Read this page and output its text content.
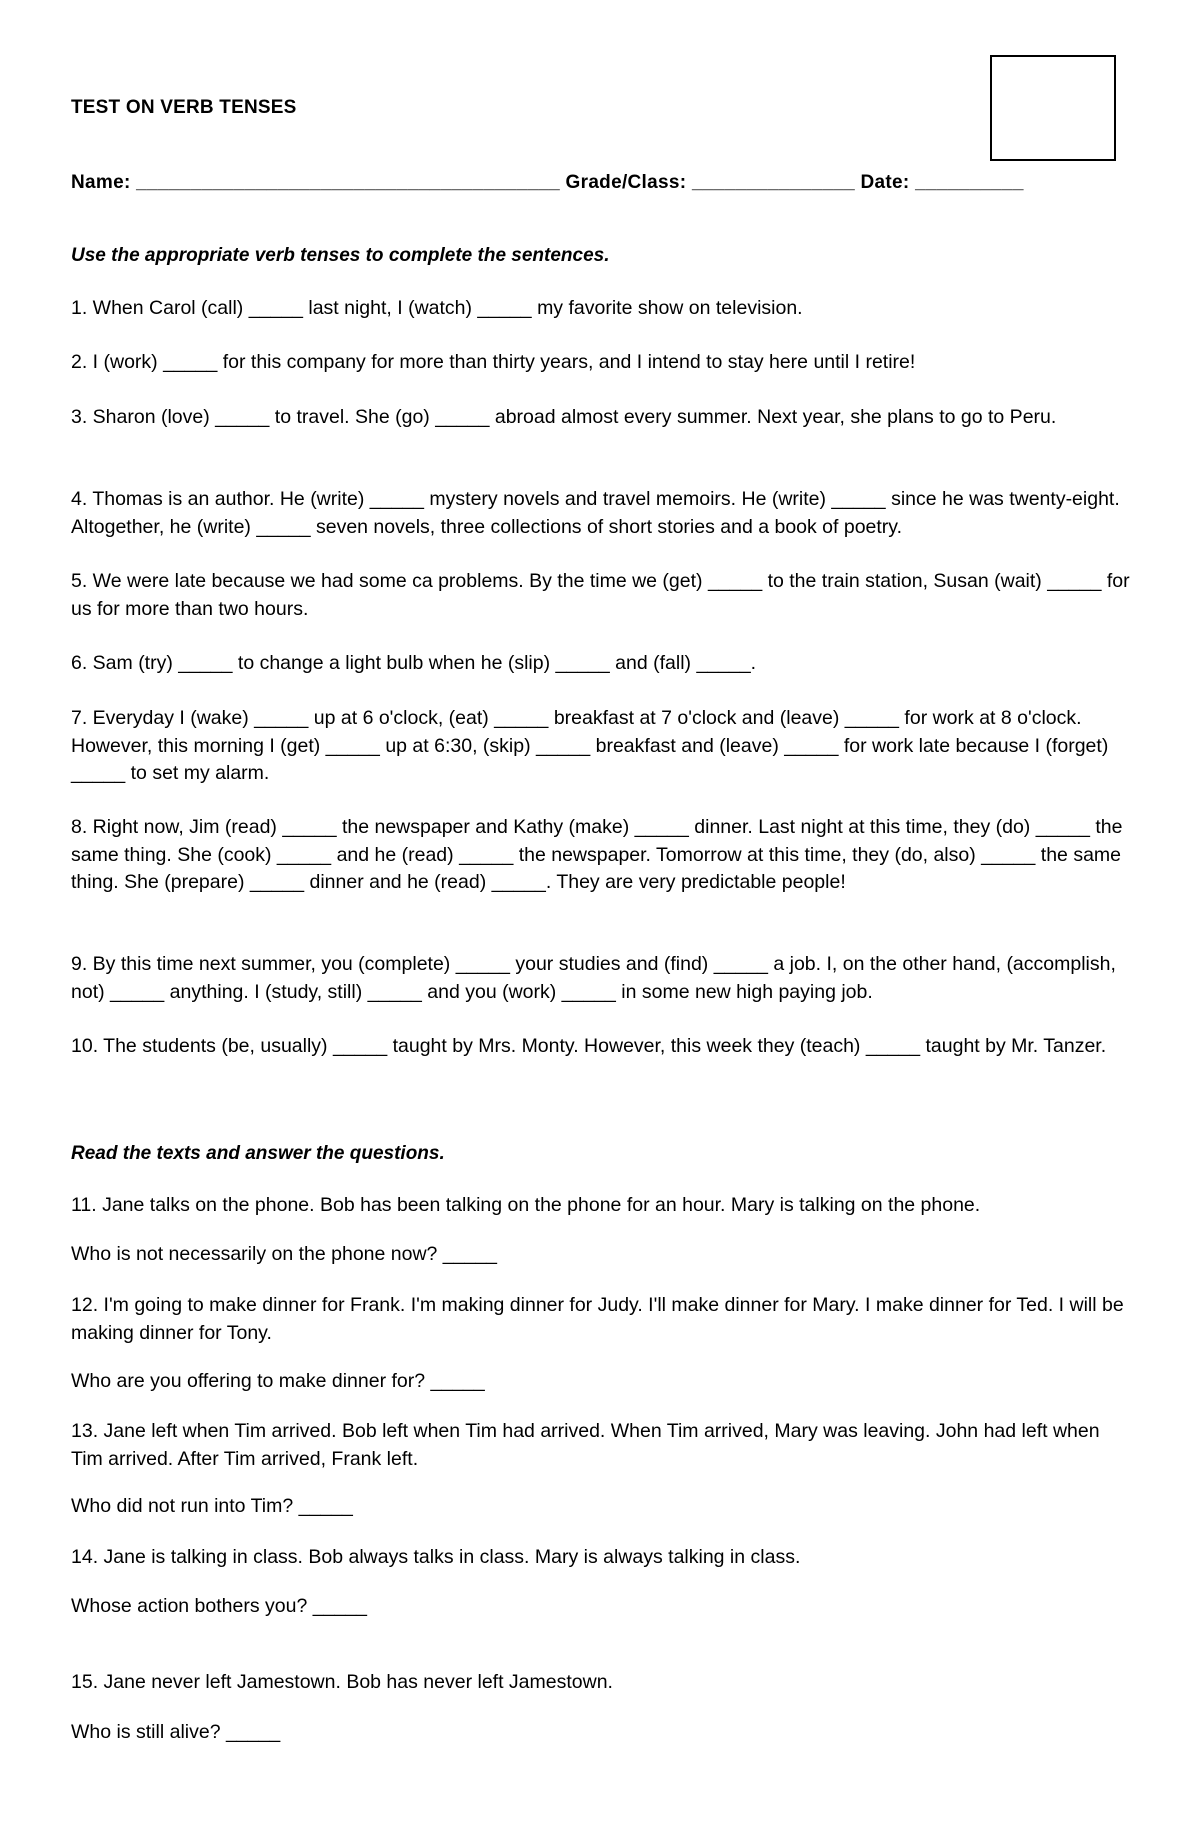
TEST ON VERB TENSES
Name: _______________________________________ Grade/Class: _______________ Date: __________
Use the appropriate verb tenses to complete the sentences.

1. When Carol (call) _____ last night, I (watch) _____ my favorite show on television.

2. I (work) _____ for this company for more than thirty years, and I intend to stay here until I retire!

3. Sharon (love) _____ to travel. She (go) _____ abroad almost every summer. Next year, she plans to go to Peru.

4. Thomas is an author. He (write) _____ mystery novels and travel memoirs. He (write) _____ since he was twenty-eight. Altogether, he (write) _____ seven novels, three collections of short stories and a book of poetry.

5. We were late because we had some ca problems. By the time we (get) _____ to the train station, Susan (wait) _____ for us for more than two hours.

6. Sam (try) _____ to change a light bulb when he (slip) _____ and (fall) _____.

7. Everyday I (wake) _____ up at 6 o'clock, (eat) _____ breakfast at 7 o'clock and (leave) _____ for work at 8 o'clock. However, this morning I (get) _____ up at 6:30, (skip) _____ breakfast and (leave) _____ for work late because I (forget) _____ to set my alarm.

8. Right now, Jim (read) _____ the newspaper and Kathy (make) _____ dinner. Last night at this time, they (do) _____ the same thing. She (cook) _____ and he (read) _____ the newspaper. Tomorrow at this time, they (do, also) _____ the same thing. She (prepare) _____ dinner and he (read) _____. They are very predictable people!

9. By this time next summer, you (complete) _____ your studies and (find) _____ a job. I, on the other hand, (accomplish, not) _____ anything. I (study, still) _____ and you (work) _____ in some new high paying job.

10. The students (be, usually) _____ taught by Mrs. Monty. However, this week they (teach) _____ taught by Mr. Tanzer.

Read the texts and answer the questions.

11. Jane talks on the phone. Bob has been talking on the phone for an hour. Mary is talking on the phone.

Who is not necessarily on the phone now? _____

12. I'm going to make dinner for Frank. I'm making dinner for Judy. I'll make dinner for Mary. I make dinner for Ted. I will be making dinner for Tony.

Who are you offering to make dinner for? _____

13. Jane left when Tim arrived. Bob left when Tim had arrived. When Tim arrived, Mary was leaving. John had left when Tim arrived. After Tim arrived, Frank left.

Who did not run into Tim? _____

14. Jane is talking in class. Bob always talks in class. Mary is always talking in class.

Whose action bothers you? _____

15. Jane never left Jamestown. Bob has never left Jamestown.

Who is still alive? _____
